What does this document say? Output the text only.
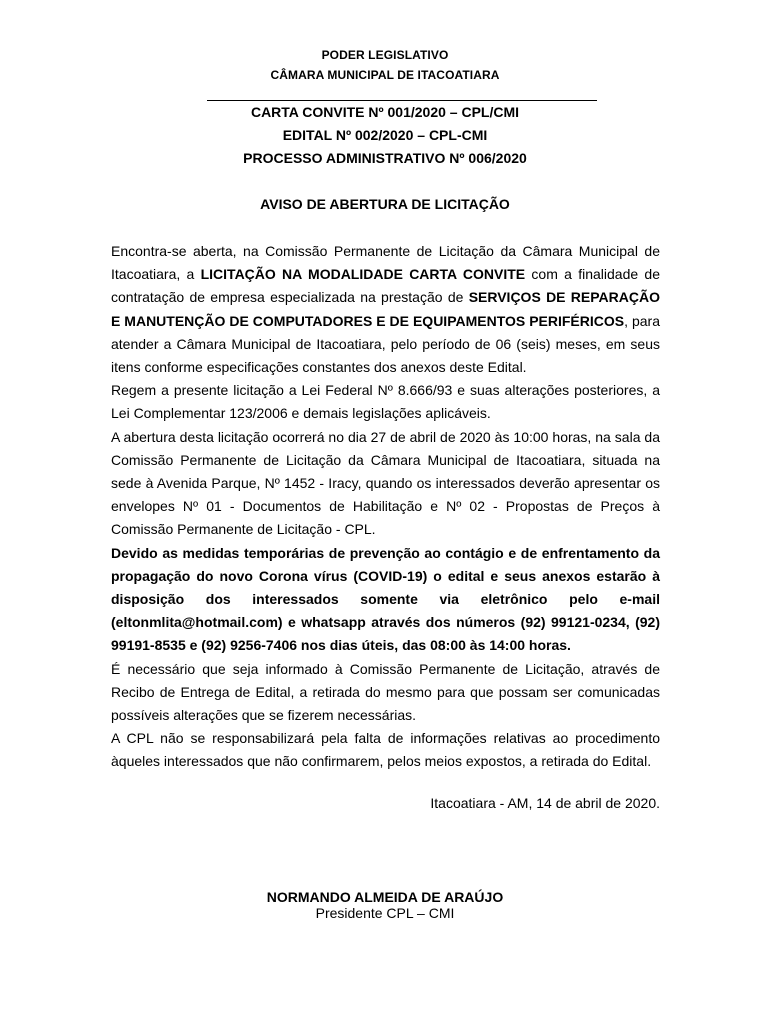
PODER LEGISLATIVO
CÂMARA MUNICIPAL DE ITACOATIARA
CARTA CONVITE Nº 001/2020 – CPL/CMI
EDITAL Nº 002/2020 – CPL-CMI
PROCESSO ADMINISTRATIVO Nº 006/2020
AVISO DE ABERTURA DE LICITAÇÃO

Encontra-se aberta, na Comissão Permanente de Licitação da Câmara Municipal de Itacoatiara, a LICITAÇÃO NA MODALIDADE CARTA CONVITE com a finalidade de contratação de empresa especializada na prestação de SERVIÇOS DE REPARAÇÃO E MANUTENÇÃO DE COMPUTADORES E DE EQUIPAMENTOS PERIFÉRICOS, para atender a Câmara Municipal de Itacoatiara, pelo período de 06 (seis) meses, em seus itens conforme especificações constantes dos anexos deste Edital.

Regem a presente licitação a Lei Federal Nº 8.666/93 e suas alterações posteriores, a Lei Complementar 123/2006 e demais legislações aplicáveis.

A abertura desta licitação ocorrerá no dia 27 de abril de 2020 às 10:00 horas, na sala da Comissão Permanente de Licitação da Câmara Municipal de Itacoatiara, situada na sede à Avenida Parque, Nº 1452 - Iracy, quando os interessados deverão apresentar os envelopes Nº 01 - Documentos de Habilitação e Nº 02 - Propostas de Preços à Comissão Permanente de Licitação - CPL.

Devido as medidas temporárias de prevenção ao contágio e de enfrentamento da propagação do novo Corona vírus (COVID-19) o edital e seus anexos estarão à disposição dos interessados somente via eletrônico pelo e-mail (eltonmlita@hotmail.com) e whatsapp através dos números (92) 99121-0234, (92) 99191-8535 e (92) 9256-7406 nos dias úteis, das 08:00 às 14:00 horas.

É necessário que seja informado à Comissão Permanente de Licitação, através de Recibo de Entrega de Edital, a retirada do mesmo para que possam ser comunicadas possíveis alterações que se fizerem necessárias.

A CPL não se responsabilizará pela falta de informações relativas ao procedimento àqueles interessados que não confirmarem, pelos meios expostos, a retirada do Edital.

Itacoatiara - AM, 14 de abril de 2020.
NORMANDO ALMEIDA DE ARAÚJO
Presidente CPL – CMI
